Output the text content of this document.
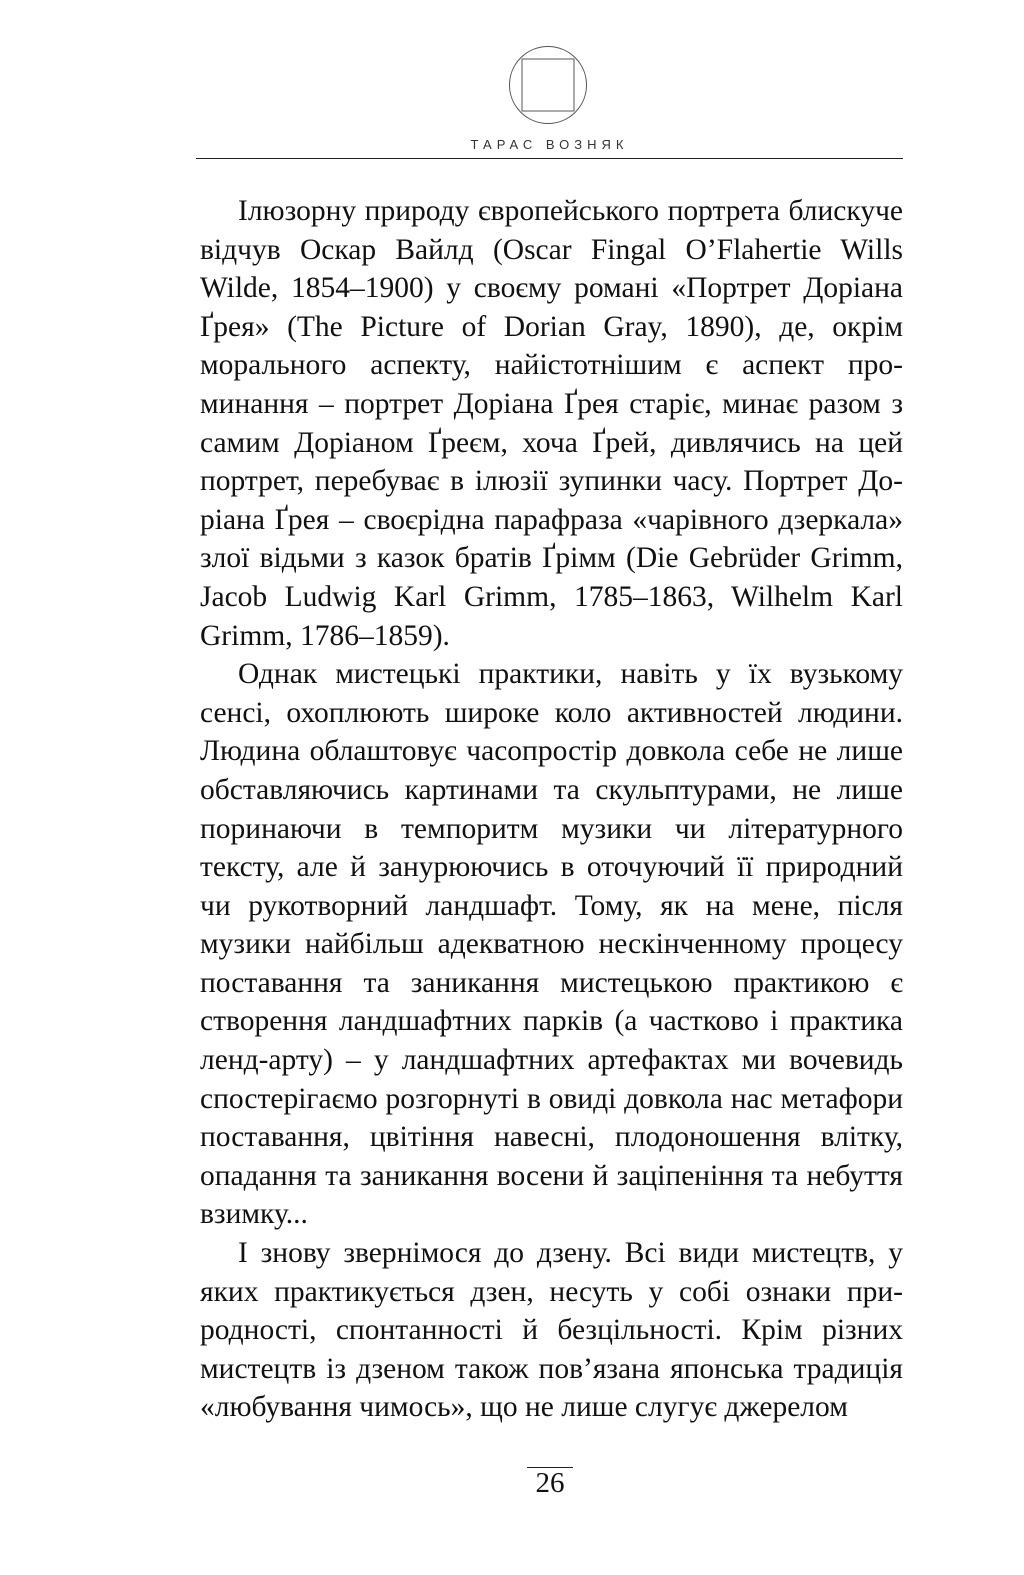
ТАРАС ВОЗНЯК

Ілюзорну природу європейського портрета блискуче відчув Оскар Вайлд (Oscar Fingal O’Flahertie Wills Wilde, 1854–1900) у своєму романі «Портрет Доріана Ґрея» (The Picture of Dorian Gray, 1890), де, окрім морального аспекту, найістотнішим є аспект проминання – портрет Доріана Ґрея старіє, минає разом з самим Доріаном Ґреєм, хоча Ґрей, дивлячись на цей портрет, перебуває в ілюзії зупинки часу. Портрет Доріана Ґрея – своєрідна парафраза «чарівного дзеркала» злої відьми з казок братів Ґрімм (Die Gebrüder Grimm, Jacob Ludwig Karl Grimm, 1785–1863, Wilhelm Karl Grimm, 1786–1859).

Однак мистецькі практики, навіть у їх вузькому сенсі, охоплюють широке коло активностей людини. Людина облаштовує часопростір довкола себе не лише обставляючись картинами та скульптурами, не лише поринаючи в темпоритм музики чи літературного тексту, але й занурюючись в оточуючий її природний чи рукотворний ландшафт. Тому, як на мене, після музики найбільш адекватною нескінченному процесу поставання та заникання мистецькою практикою є створення ландшафтних парків (а частково і практика ленд-арту) – у ландшафтних артефактах ми вочевидь спостерігаємо розгорнуті в овиді довкола нас метафори поставання, цвітіння навесні, плодоношення влітку, опадання та заникання восени й заціпеніння та небуття взимку...

І знову звернімося до дзену. Всі види мистецтв, у яких практикується дзен, несуть у собі ознаки природності, спонтанності й безцільності. Крім різних мистецтв із дзеном також пов’язана японська традиція «любування чимось», що не лише слугує джерелом

26
